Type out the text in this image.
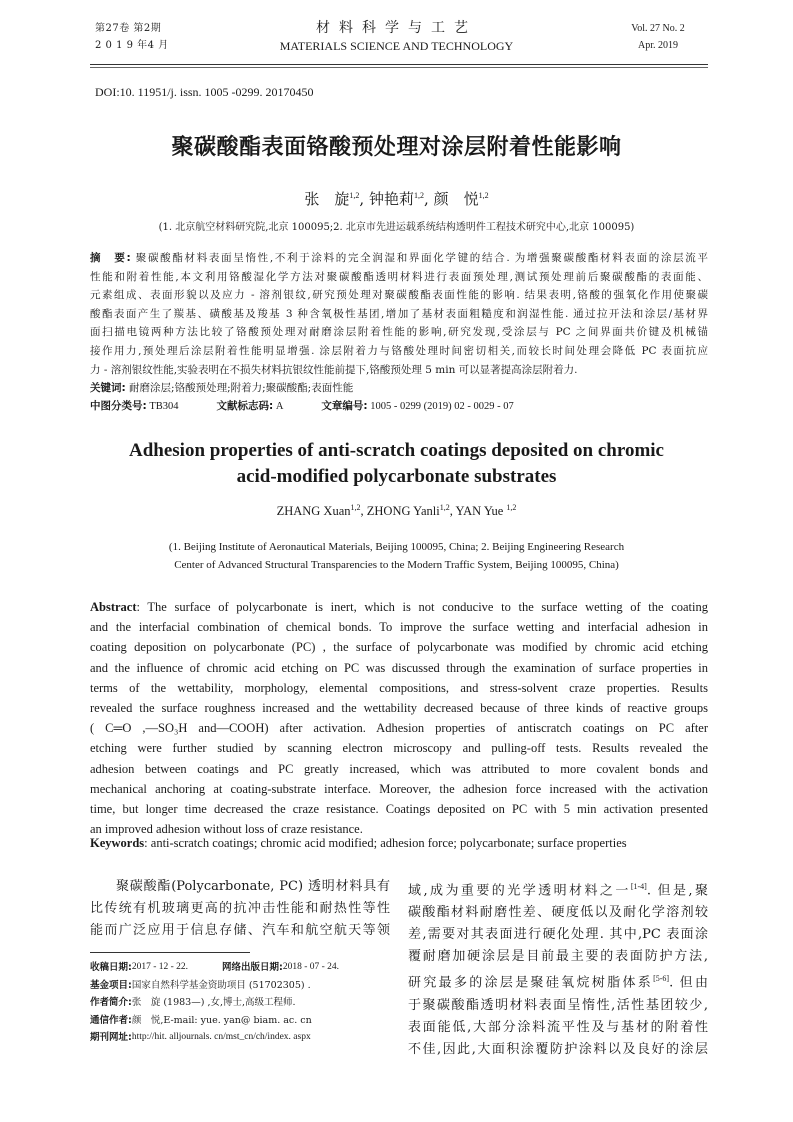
第27卷 第2期
2 0 1 9 年4 月
材料科学与工艺
MATERIALS SCIENCE AND TECHNOLOGY
Vol. 27 No. 2
Apr. 2019
DOI:10. 11951/j. issn. 1005 -0299. 20170450
聚碳酸酯表面铬酸预处理对涂层附着性能影响
张　旋$^{1,2}$, 钟艳莉$^{1,2}$, 颜　悦$^{1,2}$
(1. 北京航空材料研究院,北京 100095;2. 北京市先进运载系统结构透明件工程技术研究中心,北京 100095)

摘　要: 聚碳酸酯材料表面呈惰性,不利于涂料的完全润湿和界面化学键的结合. 为增强聚碳酸酯材料表面的涂层流平

性能和附着性能,本文利用铬酸湿化学方法对聚碳酸酯透明材料进行表面预处理,测试预处理前后聚碳酸酯的表面能、

元素组成、表面形貌以及应力 - 溶剂银纹,研究预处理对聚碳酸酯表面性能的影响. 结果表明,铬酸的强氧化作用使聚碳

酸酯表面产生了羰基、磺酸基及羧基 3 种含氧极性基团,增加了基材表面粗糙度和润湿性能. 通过拉开法和涂层/基材界

面扫描电镜两种方法比较了铬酸预处理对耐磨涂层附着性能的影响,研究发现,受涂层与 PC 之间界面共价键及机械锚

接作用力,预处理后涂层附着性能明显增强. 涂层附着力与铬酸处理时间密切相关,而较长时间处理会降低 PC 表面抗应

力 - 溶剂银纹性能,实验表明在不损失材料抗银纹性能前提下,铬酸预处理 5 min 可以显著提高涂层附着力.

关键词: 耐磨涂层;铬酸预处理;附着力;聚碳酸酯;表面性能
中图分类号: TB304	文献标志码: A	文章编号: 1005 - 0299 (2019) 02 - 0029 - 07
Adhesion properties of anti-scratch coatings deposited on chromic
acid-modified polycarbonate substrates
ZHANG Xuan$^{1,2}$, ZHONG Yanli$^{1,2}$, YAN Yue $^{1,2}$
(1. Beijing Institute of Aeronautical Materials, Beijing 100095, China; 2. Beijing Engineering Research
Center of Advanced Structural Transparencies to the Modern Traffic System, Beijing 100095, China)

Abstract: The surface of polycarbonate is inert, which is not conducive to the surface wetting of the coating

and the interfacial combination of chemical bonds. To improve the surface wetting and interfacial adhesion in

coating deposition on polycarbonate (PC) , the surface of polycarbonate was modified by chromic acid etching

and the influence of chromic acid etching on PC was discussed through the examination of surface properties in

terms of the wettability, morphology, elemental compositions, and stress-solvent craze properties. Results

revealed the surface roughness increased and the wettability decreased because of three kinds of reactive groups

( C═O ,—SO₃H and—COOH) after activation. Adhesion properties of antiscratch coatings on PC after

etching were further studied by scanning electron microscopy and pulling-off tests. Results revealed the

adhesion between coatings and PC greatly increased, which was attributed to more covalent bonds and

mechanical anchoring at coating-substrate interface. Moreover, the adhesion force increased with the activation

time, but longer time decreased the craze resistance. Coatings deposited on PC with 5 min activation presented

an improved adhesion without loss of craze resistance.

Keywords: anti-scratch coatings; chromic acid modified; adhesion force; polycarbonate; surface properties

聚碳酸酯(Polycarbonate, PC) 透明材料具有

比传统有机玻璃更高的抗冲击性能和耐热性等性

能而广泛应用于信息存储、汽车和航空航天等领

收稿日期: 2017 - 12 - 22.	网络出版日期: 2018 - 07 - 24.
基金项目: 国家自然科学基金资助项目 (51702305) .
作者简介: 张　旋 (1983—) ,女,博士,高级工程师.
通信作者: 颜　悦,E-mail: yue. yan@ biam. ac. cn
期刊网址: http://hit. alljournals. cn/mst_cn/ch/index. aspx

域,成为重要的光学透明材料之一[1-4]. 但是,聚

碳酸酯材料耐磨性差、硬度低以及耐化学溶剂较

差,需要对其表面进行硬化处理. 其中,PC 表面涂

覆耐磨加硬涂层是目前最主要的表面防护方法,

研究最多的涂层是聚硅氧烷树脂体系[5-6]. 但由

于聚碳酸酯透明材料表面呈惰性,活性基团较少,

表面能低,大部分涂料流平性及与基材的附着性

不佳,因此,大面积涂覆防护涂料以及良好的涂层
